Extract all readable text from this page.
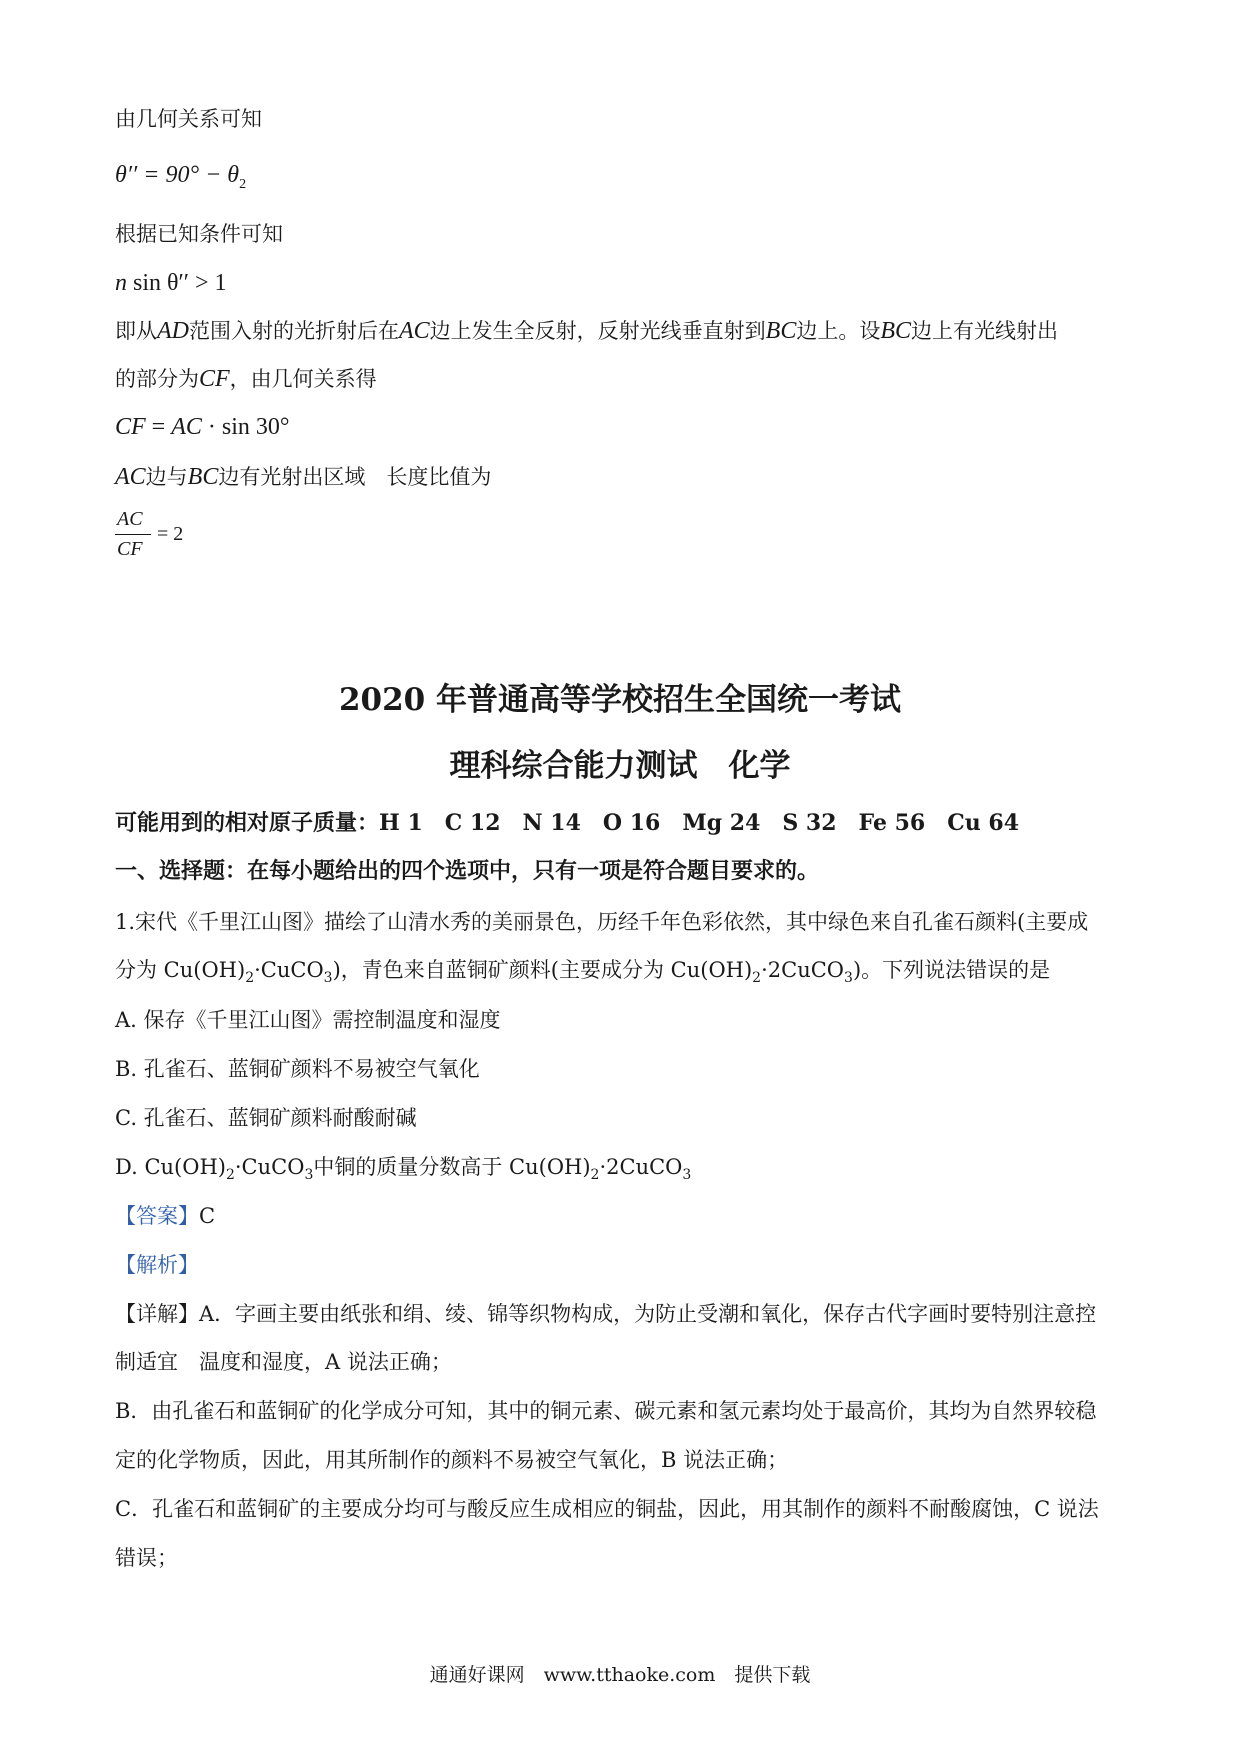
由几何关系可知
$\theta'' = 90^\circ - \theta_2$
根据已知条件可知
n sin θ′′ > 1
即从AD范围入射的光折射后在AC边上发生全反射，反射光线垂直射到BC边上。设BC边上有光线射出
的部分为CF，由几何关系得
CF = AC · sin 30°
AC边与BC边有光射出区域　长度比值为
AC
CF
= 2
2020 年普通高等学校招生全国统一考试
理科综合能力测试　化学
可能用到的相对原子质量：H 1　C 12　N 14　O 16　Mg 24　S 32　Fe 56　Cu 64
一、选择题：在每小题给出的四个选项中，只有一项是符合题目要求的。
1.宋代《千里江山图》描绘了山清水秀的美丽景色，历经千年色彩依然，其中绿色来自孔雀石颜料(主要成
分为 $Cu(OH)_2\cdot CuCO_3$)，青色来自蓝铜矿颜料(主要成分为 $Cu(OH)_2\cdot 2CuCO_3$)。下列说法错误的是
A. 保存《千里江山图》需控制温度和湿度
B. 孔雀石、蓝铜矿颜料不易被空气氧化
C. 孔雀石、蓝铜矿颜料耐酸耐碱
D. $Cu(OH)_2\cdot CuCO_3$中铜的质量分数高于 $Cu(OH)_2\cdot 2CuCO_3$
【答案】C
【解析】
【详解】A．字画主要由纸张和绢、绫、锦等织物构成，为防止受潮和氧化，保存古代字画时要特别注意控
制适宜　温度和湿度，A 说法正确；
B．由孔雀石和蓝铜矿的化学成分可知，其中的铜元素、碳元素和氢元素均处于最高价，其均为自然界较稳
定的化学物质，因此，用其所制作的颜料不易被空气氧化，B 说法正确；
C．孔雀石和蓝铜矿的主要成分均可与酸反应生成相应的铜盐，因此，用其制作的颜料不耐酸腐蚀，C 说法
错误；
通通好课网　www.tthaoke.com　提供下载
